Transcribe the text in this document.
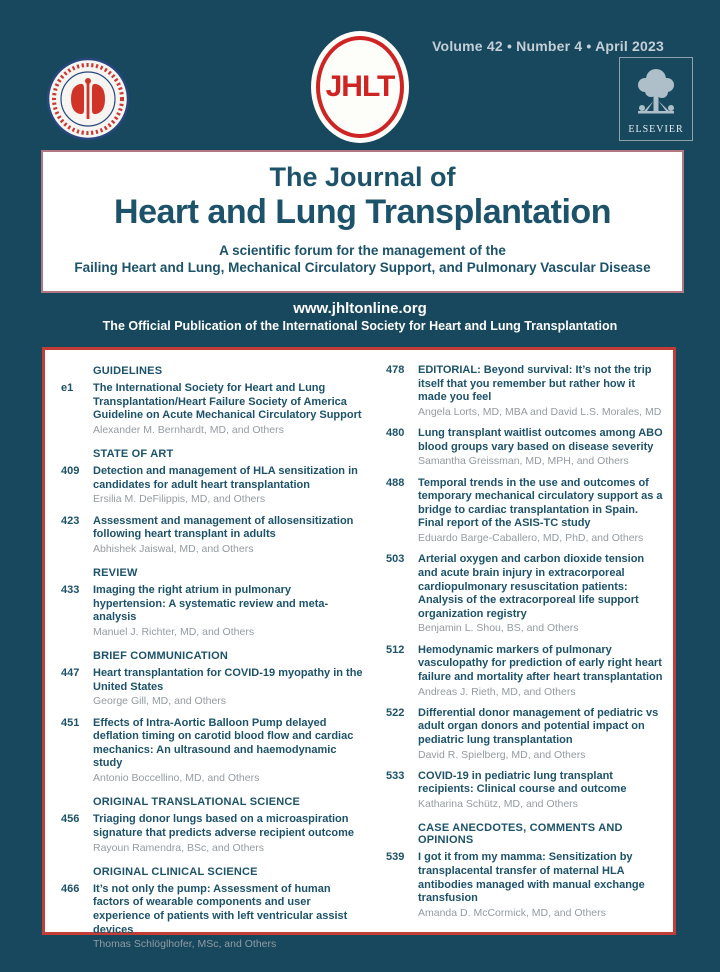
Volume 42 • Number 4 • April 2023
JHLT
ELSEVIER
The Journal of
Heart and Lung Transplantation
A scientific forum for the management of the
Failing Heart and Lung, Mechanical Circulatory Support, and Pulmonary Vascular Disease
www.jhltonline.org
The Official Publication of the International Society for Heart and Lung Transplantation
GUIDELINES
e1	The International Society for Heart and Lung Transplantation/Heart Failure Society of America Guideline on Acute Mechanical Circulatory Support
Alexander M. Bernhardt, MD, and Others
STATE OF ART
409	Detection and management of HLA sensitization in candidates for adult heart transplantation
Ersilia M. DeFilippis, MD, and Others
423	Assessment and management of allosensitization following heart transplant in adults
Abhishek Jaiswal, MD, and Others
REVIEW
433	Imaging the right atrium in pulmonary hypertension: A systematic review and meta-analysis
Manuel J. Richter, MD, and Others
BRIEF COMMUNICATION
447	Heart transplantation for COVID-19 myopathy in the United States
George Gill, MD, and Others
451	Effects of Intra-Aortic Balloon Pump delayed deflation timing on carotid blood flow and cardiac mechanics: An ultrasound and haemodynamic study
Antonio Boccellino, MD, and Others
ORIGINAL TRANSLATIONAL SCIENCE
456	Triaging donor lungs based on a microaspiration signature that predicts adverse recipient outcome
Rayoun Ramendra, BSc, and Others
ORIGINAL CLINICAL SCIENCE
466	It’s not only the pump: Assessment of human factors of wearable components and user experience of patients with left ventricular assist devices
Thomas Schlöglhofer, MSc, and Others
478	EDITORIAL: Beyond survival: It’s not the trip itself that you remember but rather how it made you feel
Angela Lorts, MD, MBA and David L.S. Morales, MD
480	Lung transplant waitlist outcomes among ABO blood groups vary based on disease severity
Samantha Greissman, MD, MPH, and Others
488	Temporal trends in the use and outcomes of temporary mechanical circulatory support as a bridge to cardiac transplantation in Spain. Final report of the ASIS-TC study
Eduardo Barge-Caballero, MD, PhD, and Others
503	Arterial oxygen and carbon dioxide tension and acute brain injury in extracorporeal cardiopulmonary resuscitation patients: Analysis of the extracorporeal life support organization registry
Benjamin L. Shou, BS, and Others
512	Hemodynamic markers of pulmonary vasculopathy for prediction of early right heart failure and mortality after heart transplantation
Andreas J. Rieth, MD, and Others
522	Differential donor management of pediatric vs adult organ donors and potential impact on pediatric lung transplantation
David R. Spielberg, MD, and Others
533	COVID-19 in pediatric lung transplant recipients: Clinical course and outcome
Katharina Schütz, MD, and Others
CASE ANECDOTES, COMMENTS AND OPINIONS
539	I got it from my mamma: Sensitization by transplacental transfer of maternal HLA antibodies managed with manual exchange transfusion
Amanda D. McCormick, MD, and Others
